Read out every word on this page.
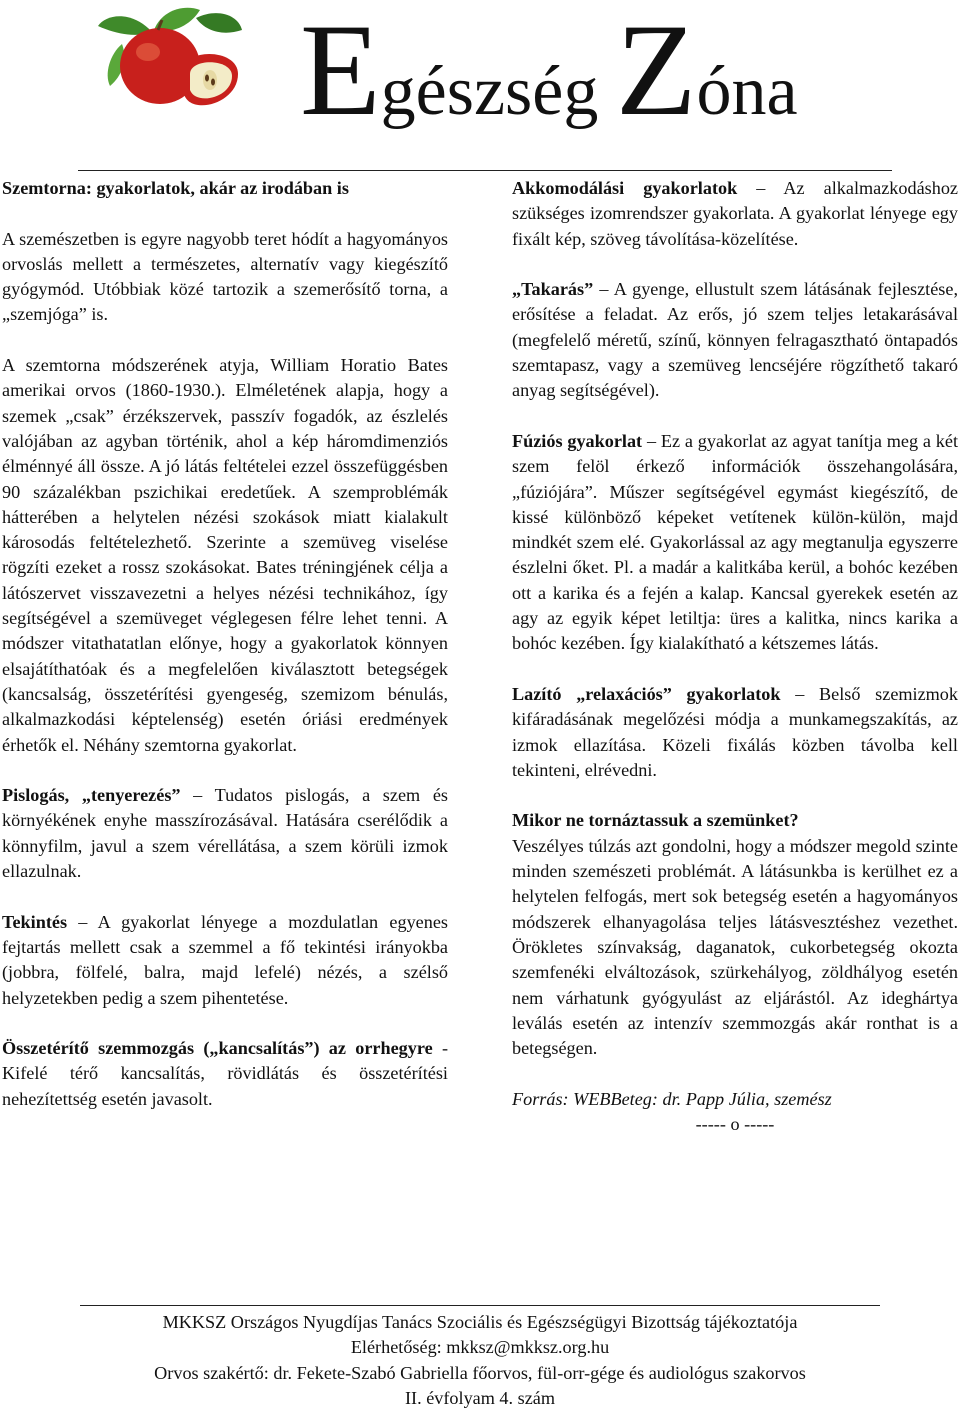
Egészség Zóna

Szemtorna: gyakorlatok, akár az irodában is

A szemészetben is egyre nagyobb teret hódít a hagyományos orvoslás mellett a természetes, alternatív vagy kiegészítő gyógymód. Utóbbiak közé tartozik a szemerősítő torna, a „szemjóga” is.

A szemtorna módszerének atyja, William Horatio Bates amerikai orvos (1860-1930.). Elméletének alapja, hogy a szemek „csak” érzékszervek, passzív fogadók, az észlelés valójában az agyban történik, ahol a kép háromdimenziós élménnyé áll össze. A jó látás feltételei ezzel összefüggésben 90 százalékban pszichikai eredetűek. A szemproblémák hátterében a helytelen nézési szokások miatt kialakult károsodás feltételezhető. Szerinte a szemüveg viselése rögzíti ezeket a rossz szokásokat. Bates tréningjének célja a látószervet visszavezetni a helyes nézési technikához, így segítségével a szemüveget véglegesen félre lehet tenni. A módszer vitathatatlan előnye, hogy a gyakorlatok könnyen elsajátíthatóak és a megfelelően kiválasztott betegségek (kancsalság, összetérítési gyengeség, szemizom bénulás, alkalmazkodási képtelenség) esetén óriási eredmények érhetők el. Néhány szemtorna gyakorlat.

Pislogás, „tenyerezés” – Tudatos pislogás, a szem és környékének enyhe masszírozásával. Hatására cserélődik a könnyfilm, javul a szem vérellátása, a szem körüli izmok ellazulnak.

Tekintés – A gyakorlat lényege a mozdulatlan egyenes fejtartás mellett csak a szemmel a fő tekintési irányokba (jobbra, fölfelé, balra, majd lefelé) nézés, a szélső helyzetekben pedig a szem pihentetése.

Összetérítő szemmozgás („kancsalítás”) az orrhegyre - Kifelé térő kancsalítás, rövidlátás és összetérítési nehezítettség esetén javasolt.

Akkomodálási gyakorlatok – Az alkalmazkodáshoz szükséges izomrendszer gyakorlata. A gyakorlat lényege egy fixált kép, szöveg távolítása-közelítése.

„Takarás” – A gyenge, ellustult szem látásának fejlesztése, erősítése a feladat. Az erős, jó szem teljes letakarásával (megfelelő méretű, színű, könnyen felragasztható öntapadós szemtapasz, vagy a szemüveg lencséjére rögzíthető takaró anyag segítségével).

Fúziós gyakorlat – Ez a gyakorlat az agyat tanítja meg a két szem felöl érkező információk összehangolására, „fúziójára”. Műszer segítségével egymást kiegészítő, de kissé különböző képeket vetítenek külön-külön, majd mindkét szem elé. Gyakorlással az agy megtanulja egyszerre észlelni őket. Pl. a madár a kalitkába kerül, a bohóc kezében ott a karika és a fején a kalap. Kancsal gyerekek esetén az agy az egyik képet letiltja: üres a kalitka, nincs karika a bohóc kezében. Így kialakítható a kétszemes látás.

Lazító „relaxációs” gyakorlatok – Belső szemizmok kifáradásának megelőzési módja a munkamegszakítás, az izmok ellazítása. Közeli fixálás közben távolba kell tekinteni, elrévedni.

Mikor ne tornáztassuk a szemünket?

Veszélyes túlzás azt gondolni, hogy a módszer megold szinte minden szemészeti problémát. A látásunkba is kerülhet ez a helytelen felfogás, mert sok betegség esetén a hagyományos módszerek elhanyagolása teljes látásvesztéshez vezethet. Örökletes színvakság, daganatok, cukorbetegség okozta szemfenéki elváltozások, szürkehályog, zöldhályog esetén nem várhatunk gyógyulást az eljárástól. Az ideghártya leválás esetén az intenzív szemmozgás akár ronthat is a betegségen.

Forrás: WEBBeteg: dr. Papp Júlia, szemész

----- o -----

MKKSZ Országos Nyugdíjas Tanács Szociális és Egészségügyi Bizottság tájékoztatója
Elérhetőség: mkksz@mkksz.org.hu
Orvos szakértő: dr. Fekete-Szabó Gabriella főorvos, fül-orr-gége és audiológus szakorvos
II. évfolyam 4. szám
